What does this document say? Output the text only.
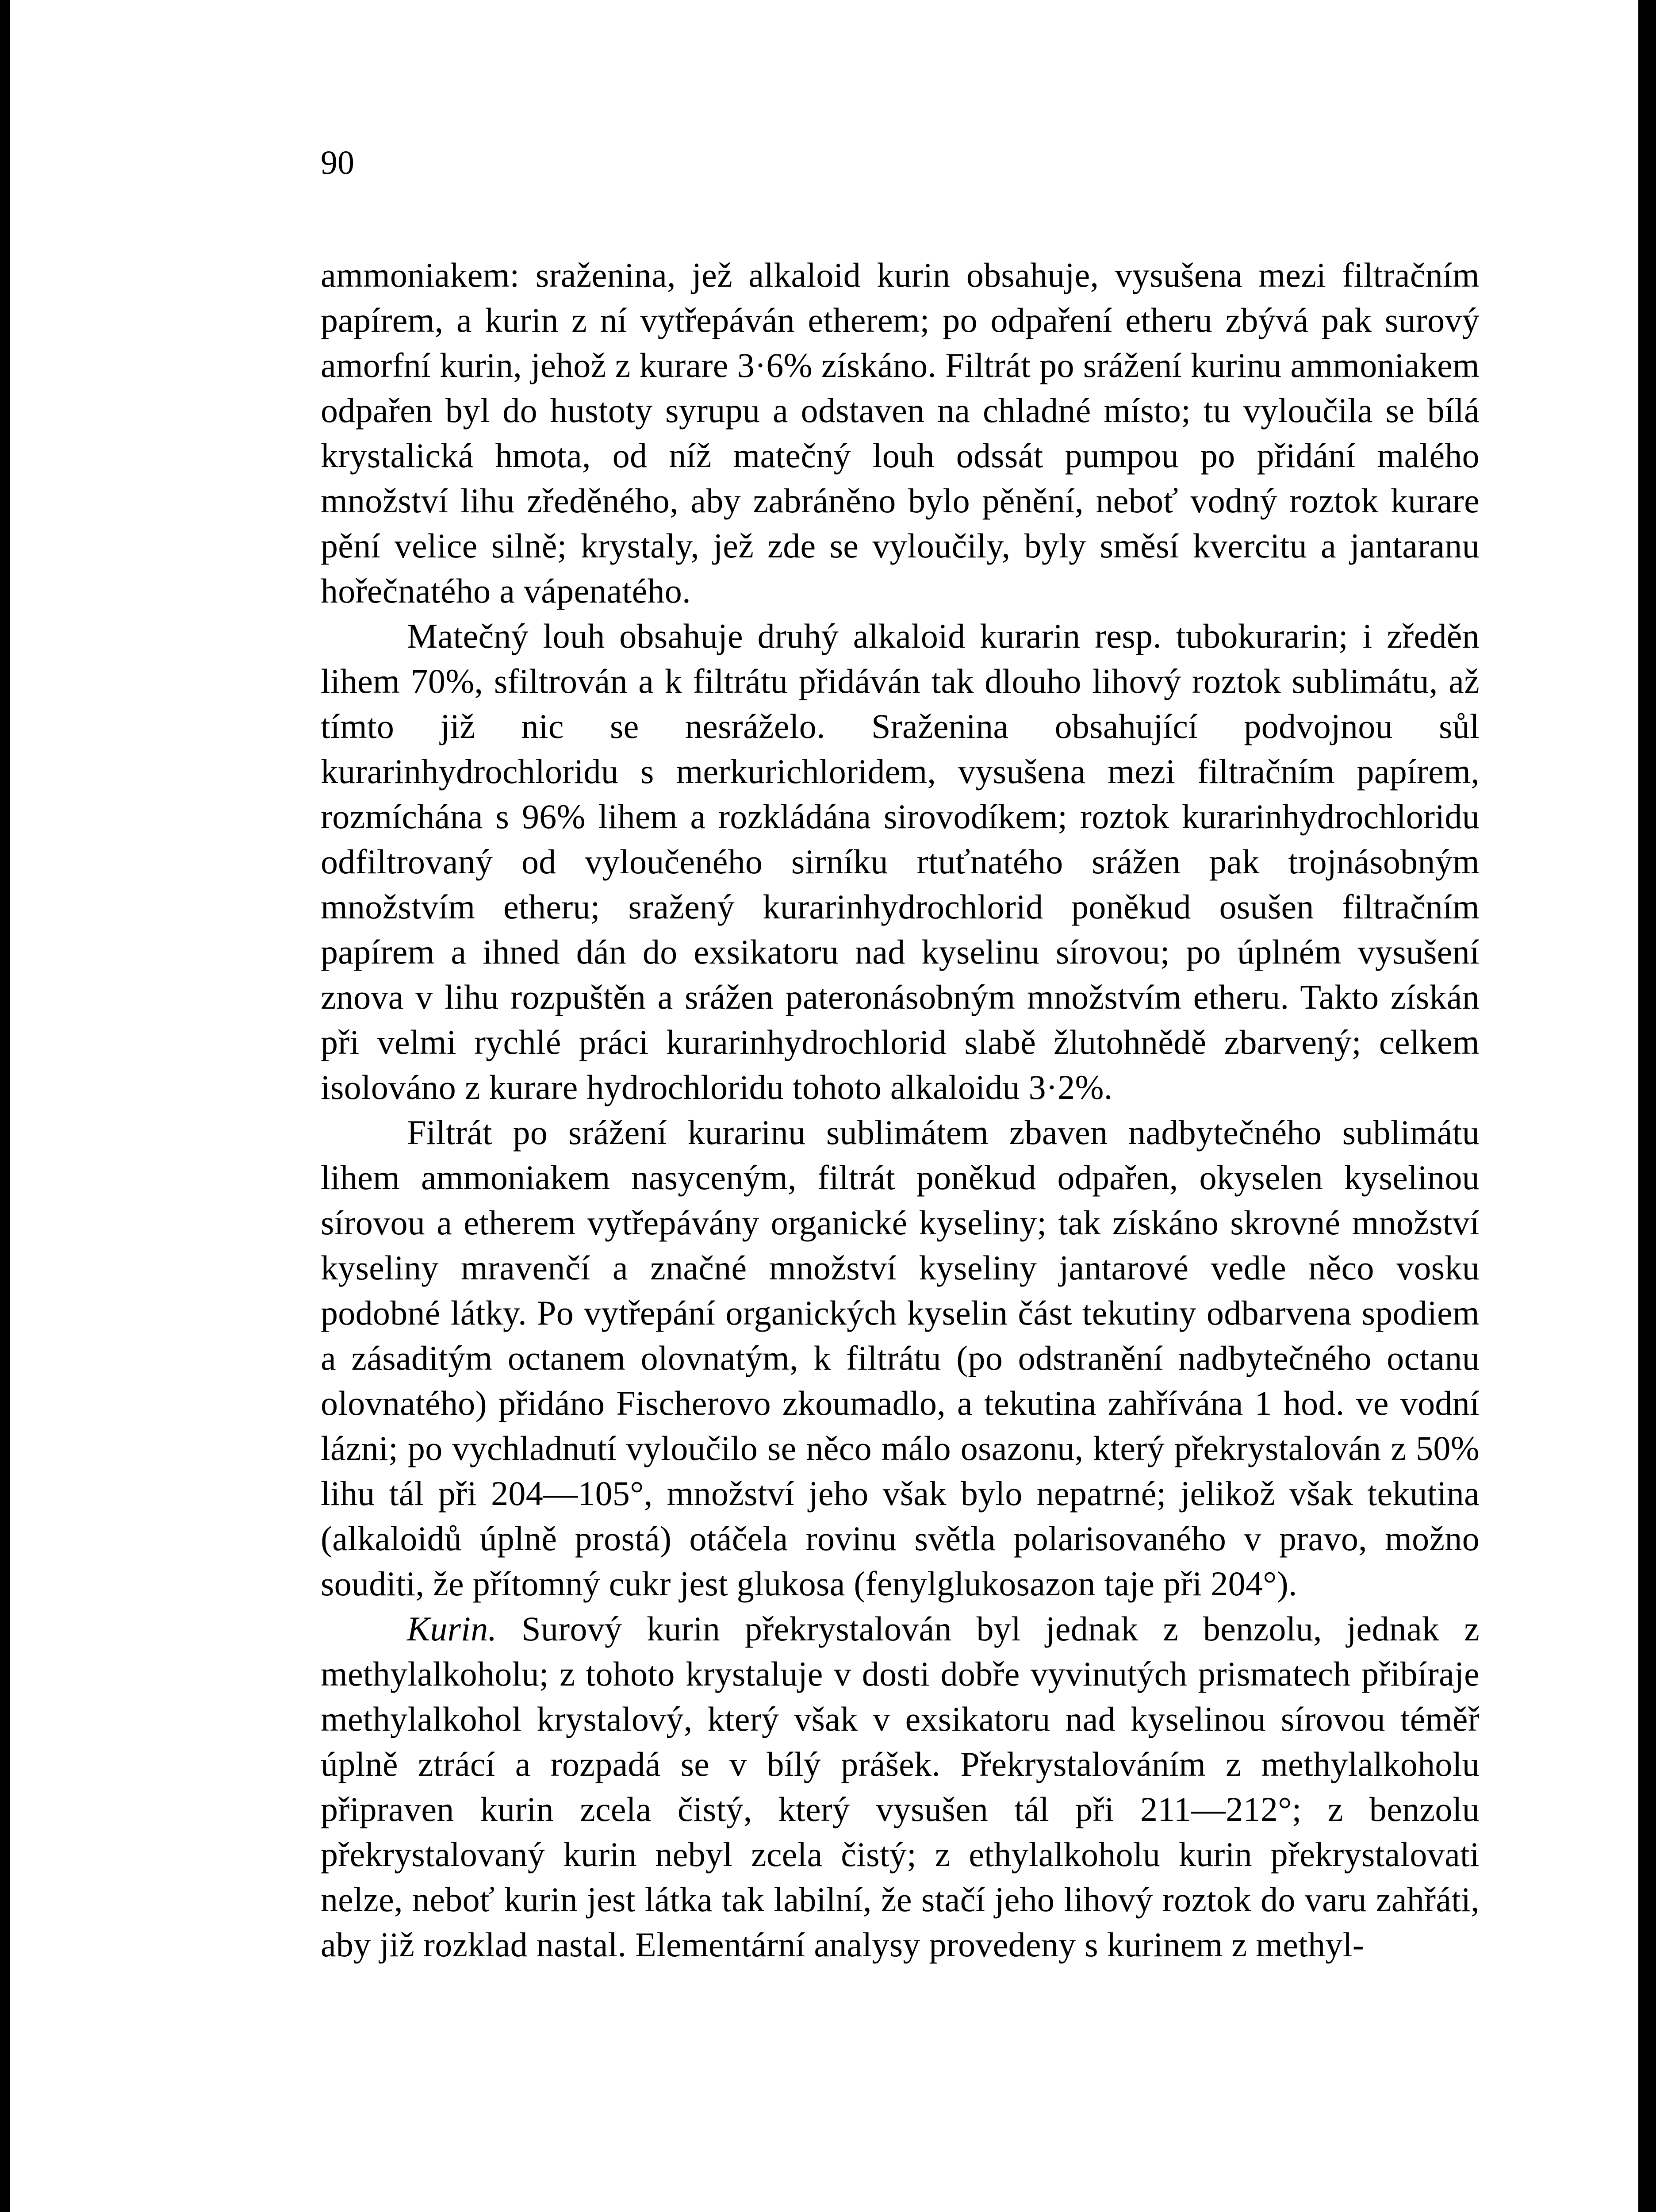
90

ammoniakem: sraženina, jež alkaloid kurin obsahuje, vysušena mezi filtračním papírem, a kurin z ní vytřepáván etherem; po odpaření etheru zbývá pak surový amorfní kurin, jehož z kurare 3·6% získáno. Filtrát po srážení kurinu ammoniakem odpařen byl do hustoty syrupu a odstaven na chladné místo; tu vyloučila se bílá krystalická hmota, od níž matečný louh odssát pumpou po přidání malého množství lihu zředěného, aby zabráněno bylo pěnění, neboť vodný roztok kurare pění velice silně; krystaly, jež zde se vyloučily, byly směsí kvercitu a jantaranu hořečnatého a vápenatého.

Matečný louh obsahuje druhý alkaloid kurarin resp. tubokurarin; i zředěn lihem 70%, sfiltrován a k filtrátu přidáván tak dlouho lihový roztok sublimátu, až tímto již nic se nesráželo. Sraženina obsahující podvojnou sůl kurarinhydrochloridu s merkurichloridem, vysušena mezi filtračním papírem, rozmíchána s 96% lihem a rozkládána sirovodíkem; roztok kurarinhydrochloridu odfiltrovaný od vyloučeného sirníku rtuťnatého srážen pak trojnásobným množstvím etheru; sražený kurarinhydrochlorid poněkud osušen filtračním papírem a ihned dán do exsikatoru nad kyselinu sírovou; po úplném vysušení znova v lihu rozpuštěn a srážen pateronásobným množstvím etheru. Takto získán při velmi rychlé práci kurarinhydrochlorid slabě žlutohnědě zbarvený; celkem isolováno z kurare hydrochloridu tohoto alkaloidu 3·2%.

Filtrát po srážení kurarinu sublimátem zbaven nadbytečného sublimátu lihem ammoniakem nasyceným, filtrát poněkud odpařen, okyselen kyselinou sírovou a etherem vytřepávány organické kyseliny; tak získáno skrovné množství kyseliny mravenčí a značné množství kyseliny jantarové vedle něco vosku podobné látky. Po vytřepání organických kyselin část tekutiny odbarvena spodiem a zásaditým octanem olovnatým, k filtrátu (po odstranění nadbytečného octanu olovnatého) přidáno Fischerovo zkoumadlo, a tekutina zahřívána 1 hod. ve vodní lázni; po vychladnutí vyloučilo se něco málo osazonu, který překrystalován z 50% lihu tál při 204—105°, množství jeho však bylo nepatrné; jelikož však tekutina (alkaloidů úplně prostá) otáčela rovinu světla polarisovaného v pravo, možno souditi, že přítomný cukr jest glukosa (fenylglukosazon taje při 204°).

Kurin. Surový kurin překrystalován byl jednak z benzolu, jednak z methylalkoholu; z tohoto krystaluje v dosti dobře vyvinutých prismatech přibíraje methylalkohol krystalový, který však v exsikatoru nad kyselinou sírovou téměř úplně ztrácí a rozpadá se v bílý prášek. Překrystalováním z methylalkoholu připraven kurin zcela čistý, který vysušen tál při 211—212°; z benzolu překrystalovaný kurin nebyl zcela čistý; z ethylalkoholu kurin překrystalovati nelze, neboť kurin jest látka tak labilní, že stačí jeho lihový roztok do varu zahřáti, aby již rozklad nastal. Elementární analysy provedeny s kurinem z methyl-
